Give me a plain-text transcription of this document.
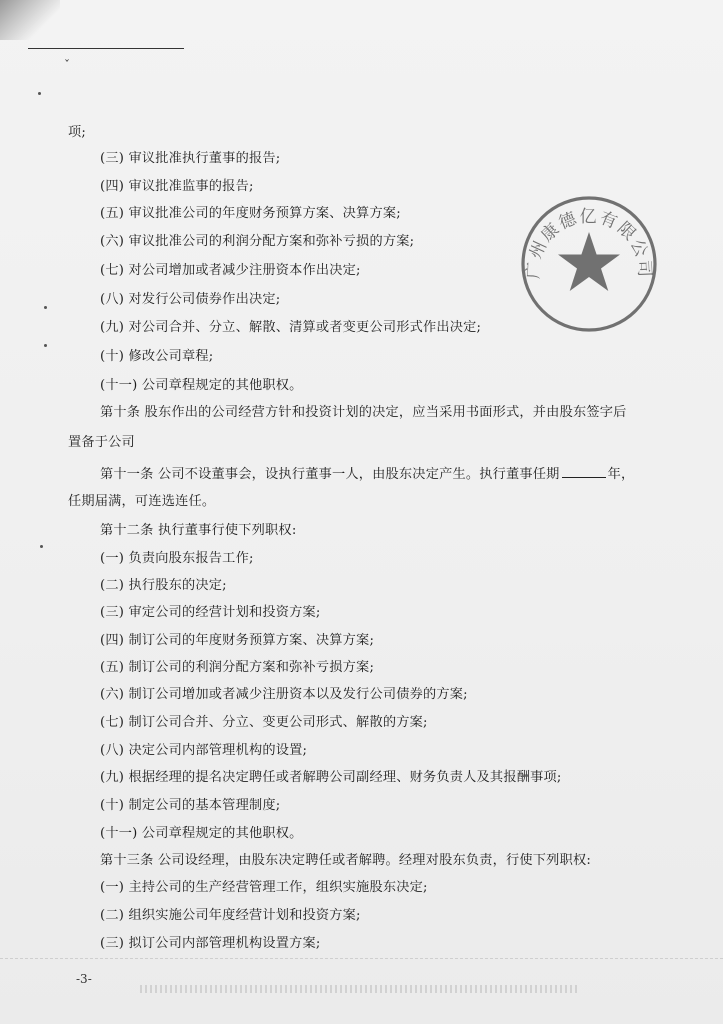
ˇ
项;
(三) 审议批准执行董事的报告;
(四) 审议批准监事的报告;
(五) 审议批准公司的年度财务预算方案、决算方案;
(六) 审议批准公司的利润分配方案和弥补亏损的方案;
(七) 对公司增加或者减少注册资本作出决定;
(八) 对发行公司债券作出决定;
(九) 对公司合并、分立、解散、清算或者变更公司形式作出决定;
(十) 修改公司章程;
(十一) 公司章程规定的其他职权。
第十条 股东作出的公司经营方针和投资计划的决定，应当采用书面形式，并由股东签字后
置备于公司
第十一条 公司不设董事会，设执行董事一人，由股东决定产生。执行董事任期	年，
任期届满，可连选连任。
第十二条 执行董事行使下列职权:
(一) 负责向股东报告工作;
(二) 执行股东的决定;
(三) 审定公司的经营计划和投资方案;
(四) 制订公司的年度财务预算方案、决算方案;
(五) 制订公司的利润分配方案和弥补亏损方案;
(六) 制订公司增加或者减少注册资本以及发行公司债券的方案;
(七) 制订公司合并、分立、变更公司形式、解散的方案;
(八) 决定公司内部管理机构的设置;
(九) 根据经理的提名决定聘任或者解聘公司副经理、财务负责人及其报酬事项;
(十) 制定公司的基本管理制度;
(十一) 公司章程规定的其他职权。
第十三条 公司设经理，由股东决定聘任或者解聘。经理对股东负责，行使下列职权:
(一) 主持公司的生产经营管理工作，组织实施股东决定;
(二) 组织实施公司年度经营计划和投资方案;
(三) 拟订公司内部管理机构设置方案;
广州康德亿有限公司
-3-
